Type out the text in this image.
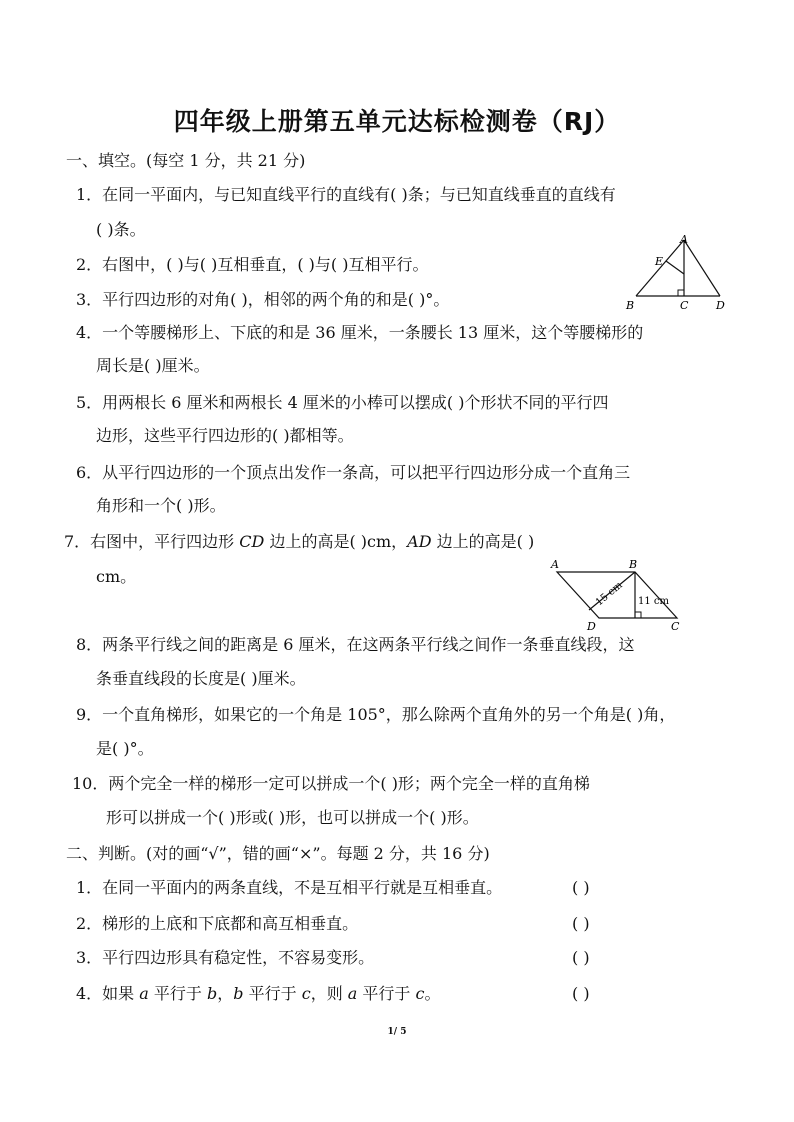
四年级上册第五单元达标检测卷（RJ）
一、填空。(每空 1 分，共 21 分)
1．在同一平面内，与已知直线平行的直线有( )条；与已知直线垂直的直线有
( )条。
2．右图中，( )与( )互相垂直，( )与( )互相平行。
3．平行四边形的对角( )，相邻的两个角的和是( )°。
4．一个等腰梯形上、下底的和是 36 厘米，一条腰长 13 厘米，这个等腰梯形的
周长是( )厘米。
5．用两根长 6 厘米和两根长 4 厘米的小棒可以摆成( )个形状不同的平行四
边形，这些平行四边形的( )都相等。
6．从平行四边形的一个顶点出发作一条高，可以把平行四边形分成一个直角三
角形和一个( )形。
7．右图中，平行四边形 CD 边上的高是( )cm，AD 边上的高是( )
cm。
8．两条平行线之间的距离是 6 厘米，在这两条平行线之间作一条垂直线段，这
条垂直线段的长度是( )厘米。
9．一个直角梯形，如果它的一个角是 105°，那么除两个直角外的另一个角是( )角，
是( )°。
10．两个完全一样的梯形一定可以拼成一个( )形；两个完全一样的直角梯
形可以拼成一个( )形或( )形，也可以拼成一个( )形。
二、判断。(对的画“√”，错的画“×”。每题 2 分，共 16 分)
1．在同一平面内的两条直线，不是互相平行就是互相垂直。	( )
2．梯形的上底和下底都和高互相垂直。	( )
3．平行四边形具有稳定性，不容易变形。	( )
4．如果 a 平行于 b，b 平行于 c，则 a 平行于 c。	( )
A
B	C	D
E
A	B
C
D
15 cm 11 cm
1/ 5
